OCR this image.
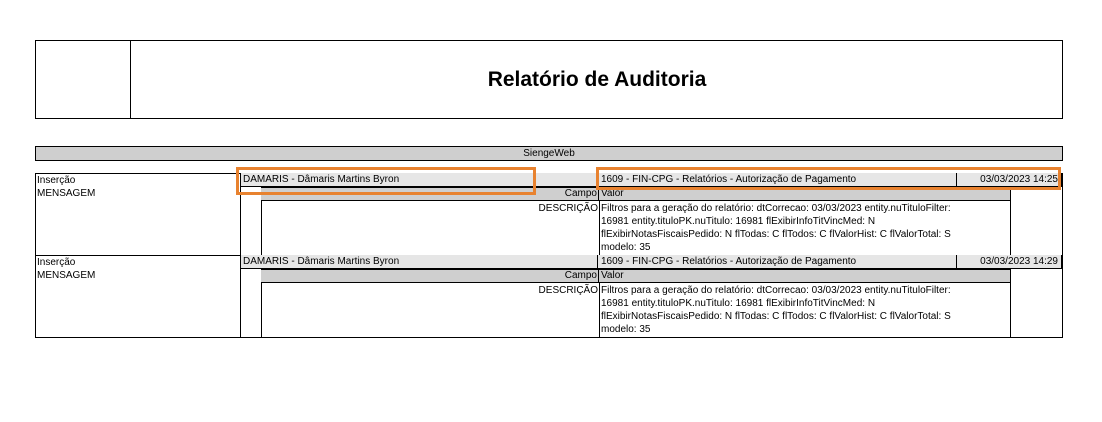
Relatório de Auditoria
SiengeWeb
Inserção
MENSAGEM
DAMARIS - Dâmaris Martins Byron	1609 - FIN-CPG - Relatórios - Autorização de Pagamento	03/03/2023 14:25
Campo Valor
DESCRIÇÃO Filtros para a geração do relatório: dtCorrecao: 03/03/2023 entity.nuTituloFilter:
16981 entity.tituloPK.nuTitulo: 16981 flExibirInfoTitVincMed: N
flExibirNotasFiscaisPedido: N flTodas: C flTodos: C flValorHist: C flValorTotal: S
modelo: 35
Inserção
MENSAGEM
DAMARIS - Dâmaris Martins Byron	1609 - FIN-CPG - Relatórios - Autorização de Pagamento	03/03/2023 14:29
Campo Valor
DESCRIÇÃO Filtros para a geração do relatório: dtCorrecao: 03/03/2023 entity.nuTituloFilter:
16981 entity.tituloPK.nuTitulo: 16981 flExibirInfoTitVincMed: N
flExibirNotasFiscaisPedido: N flTodas: C flTodos: C flValorHist: C flValorTotal: S
modelo: 35
